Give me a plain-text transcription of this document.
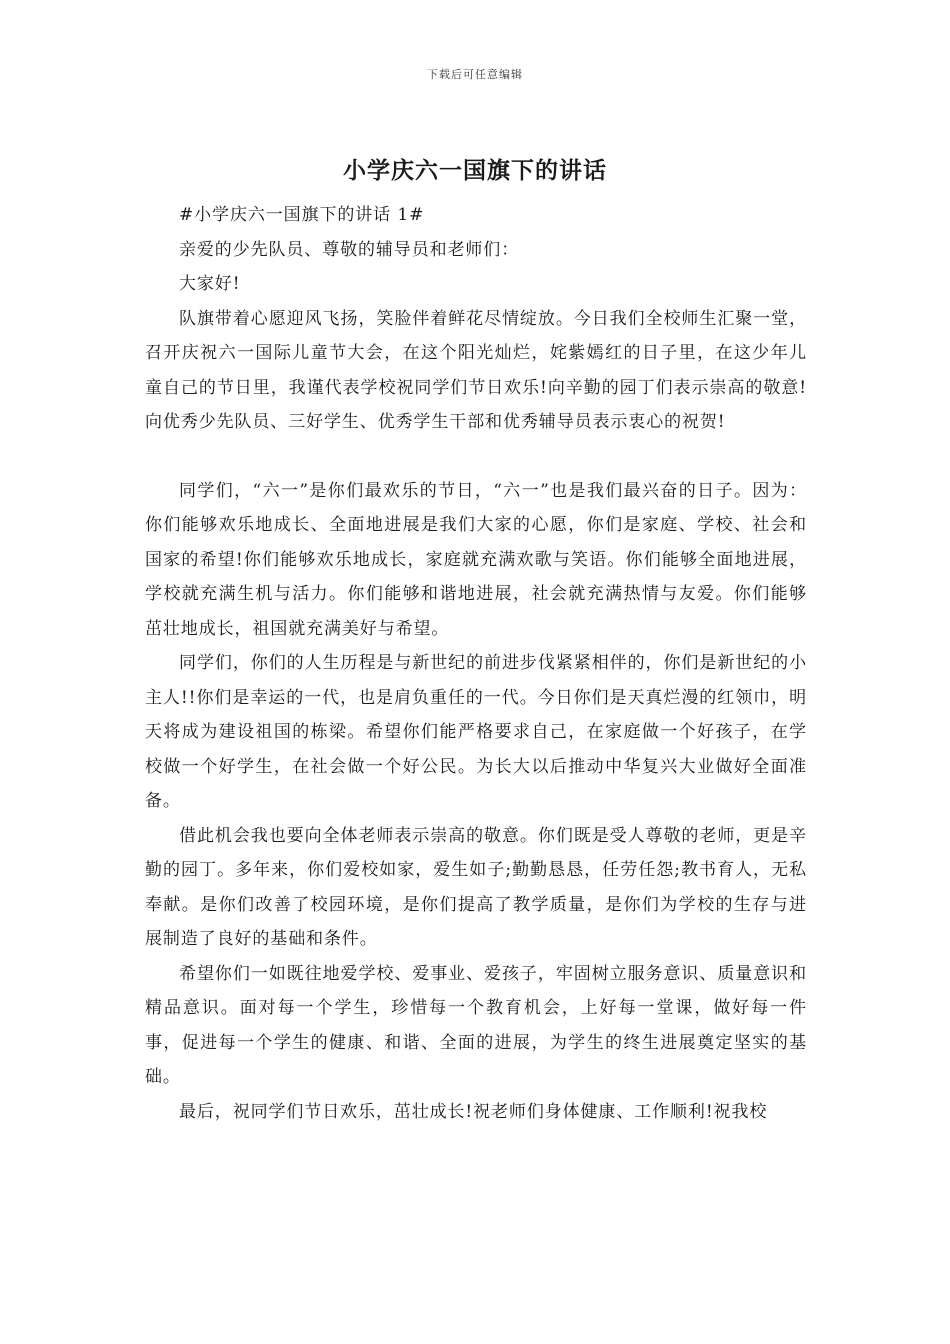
下载后可任意编辑
小学庆六一国旗下的讲话

#小学庆六一国旗下的讲话 1#

亲爱的少先队员、尊敬的辅导员和老师们：

大家好!

队旗带着心愿迎风飞扬，笑脸伴着鲜花尽情绽放。今日我们全校师生汇聚一堂，召开庆祝六一国际儿童节大会，在这个阳光灿烂，姹紫嫣红的日子里，在这少年儿童自己的节日里，我谨代表学校祝同学们节日欢乐!向辛勤的园丁们表示崇高的敬意! 向优秀少先队员、三好学生、优秀学生干部和优秀辅导员表示衷心的祝贺!

同学们，“六一”是你们最欢乐的节日，“六一”也是我们最兴奋的日子。因为：你们能够欢乐地成长、全面地进展是我们大家的心愿，你们是家庭、学校、社会和国家的希望!你们能够欢乐地成长，家庭就充满欢歌与笑语。你们能够全面地进展，学校就充满生机与活力。你们能够和谐地进展，社会就充满热情与友爱。你们能够茁壮地成长，祖国就充满美好与希望。

同学们，你们的人生历程是与新世纪的前进步伐紧紧相伴的，你们是新世纪的小主人!!你们是幸运的一代，也是肩负重任的一代。今日你们是天真烂漫的红领巾，明天将成为建设祖国的栋梁。希望你们能严格要求自己，在家庭做一个好孩子，在学校做一个好学生，在社会做一个好公民。为长大以后推动中华复兴大业做好全面准备。

借此机会我也要向全体老师表示崇高的敬意。你们既是受人尊敬的老师，更是辛勤的园丁。多年来，你们爱校如家，爱生如子;勤勤恳恳，任劳任怨;教书育人，无私奉献。是你们改善了校园环境，是你们提高了教学质量，是你们为学校的生存与进展制造了良好的基础和条件。

希望你们一如既往地爱学校、爱事业、爱孩子，牢固树立服务意识、质量意识和精品意识。面对每一个学生，珍惜每一个教育机会，上好每一堂课，做好每一件事，促进每一个学生的健康、和谐、全面的进展，为学生的终生进展奠定坚实的基础。

最后，祝同学们节日欢乐，茁壮成长!祝老师们身体健康、工作顺利!祝我校
